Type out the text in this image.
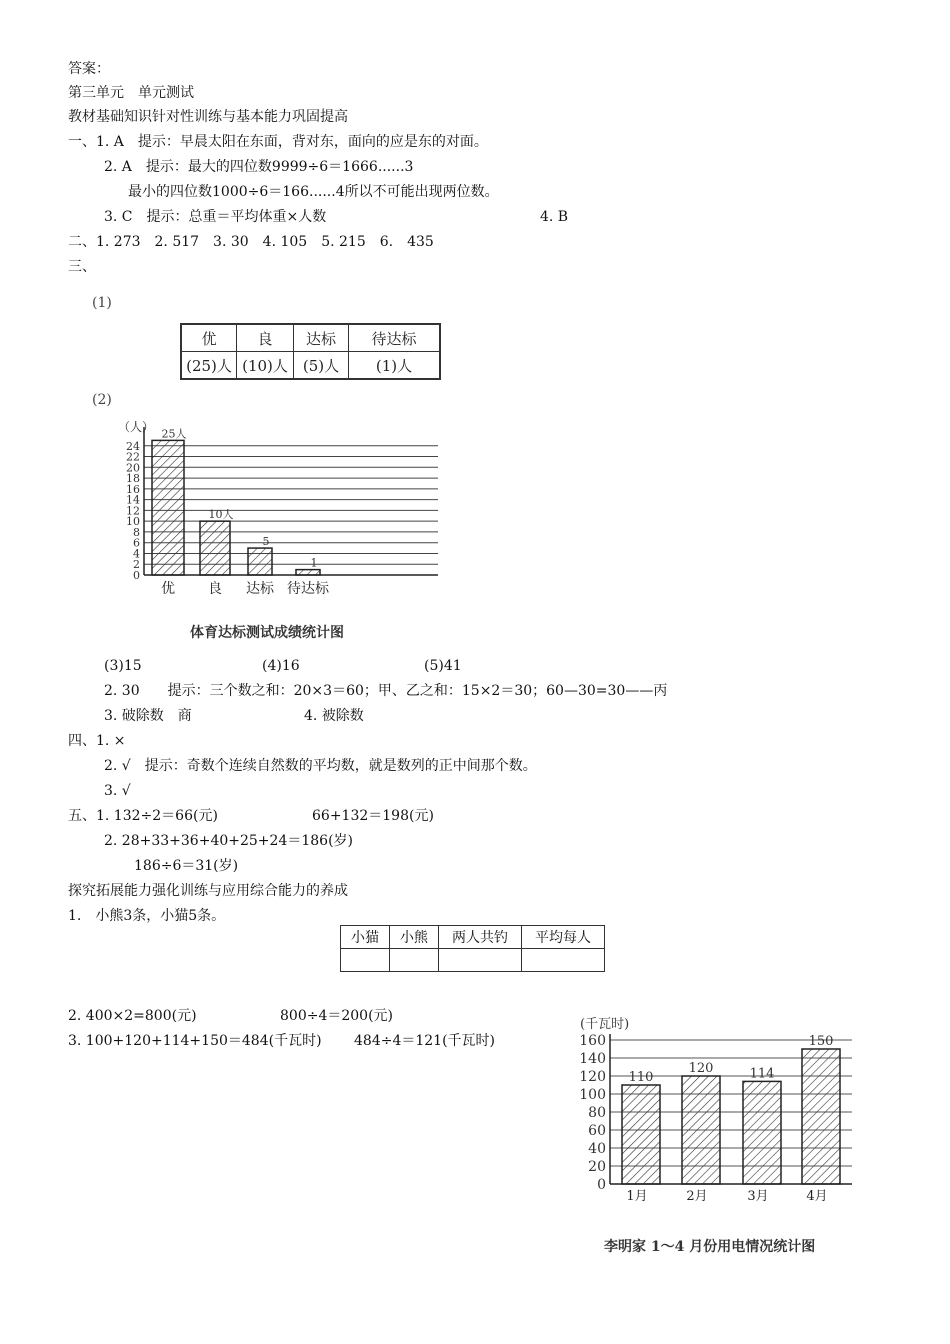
答案：
第三单元　单元测试
教材基础知识针对性训练与基本能力巩固提高
一、1. A　提示：早晨太阳在东面，背对东，面向的应是东的对面。
2. A　提示：最大的四位数9999÷6＝1666......3
最小的四位数1000÷6＝166......4所以不可能出现两位数。
3. C　提示：总重＝平均体重×人数	4. B
二、1. 273　2. 517　3. 30　4. 105　5. 215　6.　435
三、
(1)
优	良	达标	待达标
(25)人	(10)人	(5)人	(1)人
(2)
（人）
0
2
4
6
8
10
12
14
16
18
20
22
24
25人
优
10人
良
5
达标
1
待达标
体育达标测试成绩统计图
(3)15	(4)16	(5)41
2. 30　　提示：三个数之和：20×3＝60；甲、乙之和：15×2＝30；60—30=30——丙
3. 破除数　商	4. 被除数
四、1. ×
2. √　提示：奇数个连续自然数的平均数，就是数列的正中间那个数。
3. √
五、1. 132÷2＝66(元)	66+132＝198(元)
2. 28+33+36+40+25+24＝186(岁)
186÷6＝31(岁)
探究拓展能力强化训练与应用综合能力的养成
1.　小熊3条，小猫5条。
小猫	小熊	两人共钓	平均每人

2. 400×2=800(元)	800÷4＝200(元)
3. 100+120+114+150＝484(千瓦时) 484÷4＝121(千瓦时)
(千瓦时)
0
20
40
60
80
100
120
140
160
110
1月
120
2月
114
3月
150
4月
李明家 1～4 月份用电情况统计图
